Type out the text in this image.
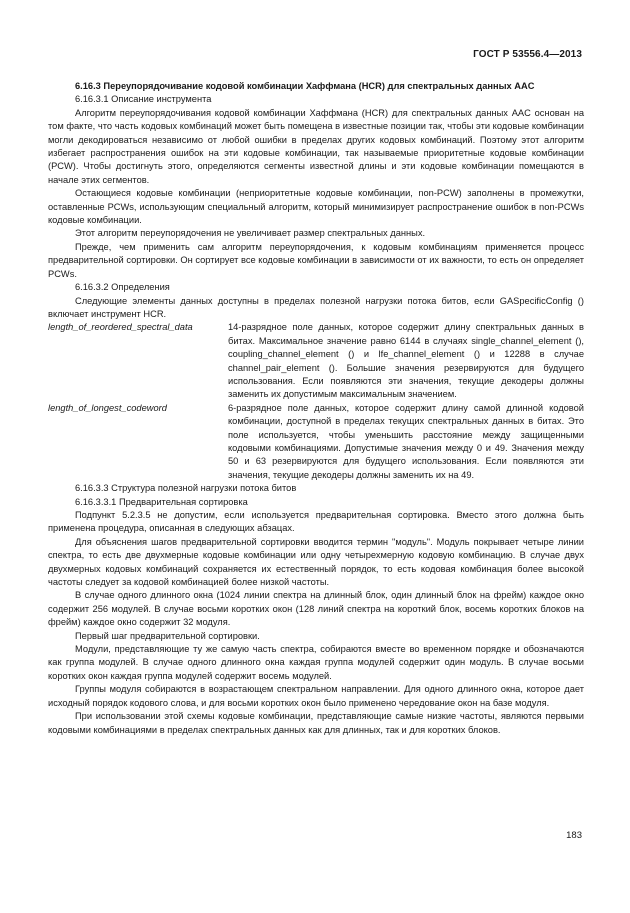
ГОСТ Р 53556.4—2013

6.16.3 Переупорядочивание кодовой комбинации Хаффмана (HCR) для спектральных данных AAC

6.16.3.1 Описание инструмента

Алгоритм переупорядочивания кодовой комбинации Хаффмана (HCR) для спектральных данных AAC основан на том факте, что часть кодовых комбинаций может быть помещена в известные позиции так, чтобы эти кодовые комбинации могли декодироваться независимо от любой ошибки в пределах других кодовых комбинаций. Поэтому этот алгоритм избегает распространения ошибок на эти кодовые комбинации, так называемые приоритетные кодовые комбинации (PCW). Чтобы достигнуть этого, определяются сегменты известной длины и эти кодовые комбинации помещаются в начале этих сегментов.

Остающиеся кодовые комбинации (неприоритетные кодовые комбинации, non-PCW) заполнены в промежутки, оставленные PCWs, использующим специальный алгоритм, который минимизирует распространение ошибок в non-PCWs кодовые комбинации.

Этот алгоритм переупорядочения не увеличивает размер спектральных данных.

Прежде, чем применить сам алгоритм переупорядочения, к кодовым комбинациям применяется процесс предварительной сортировки. Он сортирует все кодовые комбинации в зависимости от их важности, то есть он определяет PCWs.

6.16.3.2 Определения

Следующие элементы данных доступны в пределах полезной нагрузки потока битов, если GASpecificConfig () включает инструмент HCR.

length_of_reordered_spectral_data	14-разрядное поле данных, которое содержит длину спектральных данных в битах. Максимальное значение равно 6144 в случаях single_channel_element (), coupling_channel_element () и lfe_channel_element () и 12288 в случае channel_pair_element (). Большие значения резервируются для будущего использования. Если появляются эти значения, текущие декодеры должны заменить их допустимым максимальным значением.
length_of_longest_codeword	6-разрядное поле данных, которое содержит длину самой длинной кодовой комбинации, доступной в пределах текущих спектральных данных в битах. Это поле используется, чтобы уменьшить расстояние между защищенными кодовыми комбинациями. Допустимые значения между 0 и 49. Значения между 50 и 63 резервируются для будущего использования. Если появляются эти значения, текущие декодеры должны заменить их на 49.

6.16.3.3 Структура полезной нагрузки потока битов

6.16.3.3.1 Предварительная сортировка

Подпункт 5.2.3.5 не допустим, если используется предварительная сортировка. Вместо этого должна быть применена процедура, описанная в следующих абзацах.

Для объяснения шагов предварительной сортировки вводится термин "модуль". Модуль покрывает четыре линии спектра, то есть две двухмерные кодовые комбинации или одну четырехмерную кодовую комбинацию. В случае двух двухмерных кодовых комбинаций сохраняется их естественный порядок, то есть кодовая комбинация более высокой частоты следует за кодовой комбинацией более низкой частоты.

В случае одного длинного окна (1024 линии спектра на длинный блок, один длинный блок на фрейм) каждое окно содержит 256 модулей. В случае восьми коротких окон (128 линий спектра на короткий блок, восемь коротких блоков на фрейм) каждое окно содержит 32 модуля.

Первый шаг предварительной сортировки.

Модули, представляющие ту же самую часть спектра, собираются вместе во временном порядке и обозначаются как группа модулей. В случае одного длинного окна каждая группа модулей содержит один модуль. В случае восьми коротких окон каждая группа модулей содержит восемь модулей.

Группы модуля собираются в возрастающем спектральном направлении. Для одного длинного окна, которое дает исходный порядок кодового слова, и для восьми коротких окон было применено чередование окон на базе модуля.

При использовании этой схемы кодовые комбинации, представляющие самые низкие частоты, являются первыми кодовыми комбинациями в пределах спектральных данных как для длинных, так и для коротких блоков.

183
